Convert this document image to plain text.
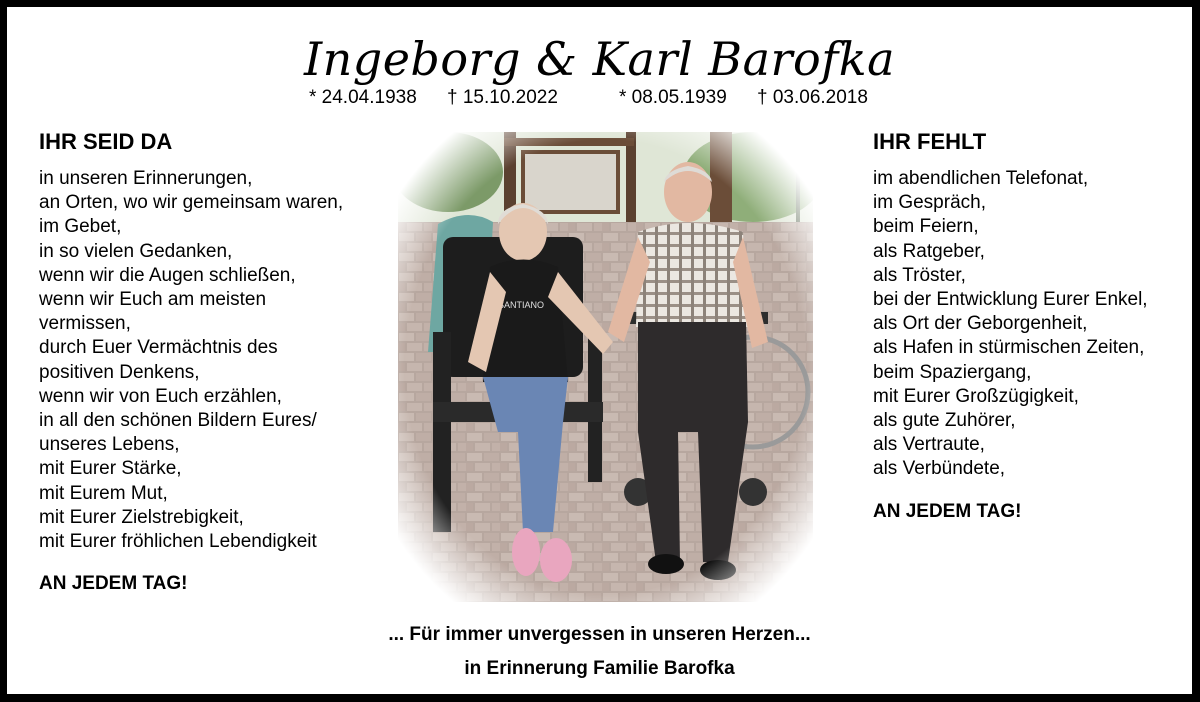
Ingeborg & Karl Barofka
* 24.04.1938 † 15.10.2022	* 08.05.1939 † 03.06.2018
IHR SEID DA
in unseren Erinnerungen,
an Orten, wo wir gemeinsam waren,
im Gebet,
in so vielen Gedanken,
wenn wir die Augen schließen,
wenn wir Euch am meisten
vermissen,
durch Euer Vermächtnis des
positiven Denkens,
wenn wir von Euch erzählen,
in all den schönen Bildern Eures/
unseres Lebens,
mit Eurer Stärke,
mit Eurem Mut,
mit Eurer Zielstrebigkeit,
mit Eurer fröhlichen Lebendigkeit
AN JEDEM TAG!
IHR FEHLT
im abendlichen Telefonat,
im Gespräch,
beim Feiern,
als Ratgeber,
als Tröster,
bei der Entwicklung Eurer Enkel,
als Ort der Geborgenheit,
als Hafen in stürmischen Zeiten,
beim Spaziergang,
mit Eurer Großzügigkeit,
als gute Zuhörer,
als Vertraute,
als Verbündete,
AN JEDEM TAG!
... Für immer unvergessen in unseren Herzen...
in Erinnerung Familie Barofka
